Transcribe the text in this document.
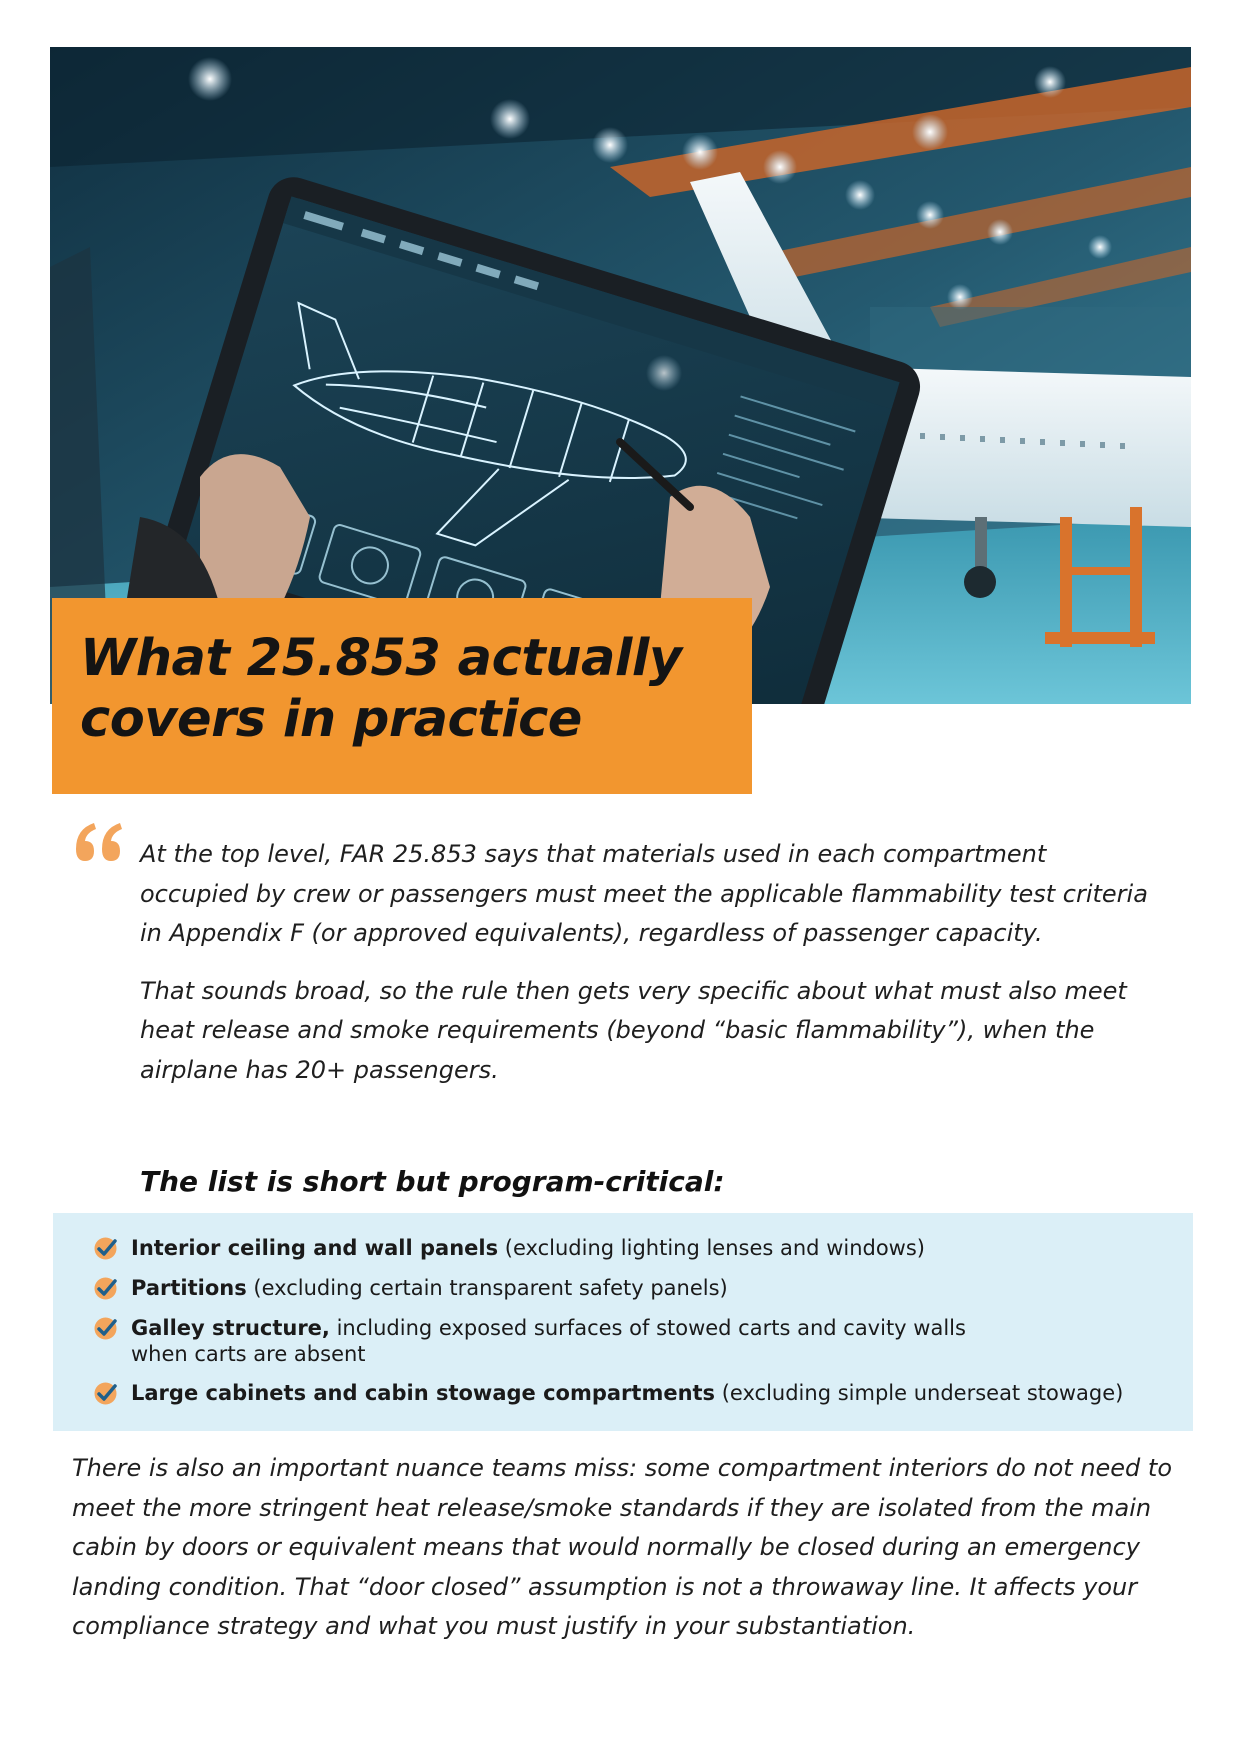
What 25.853 actually
covers in practice

At the top level, FAR 25.853 says that materials used in each compartment occupied by crew or passengers must meet the applicable flammability test criteria in Appendix F (or approved equivalents), regardless of passenger capacity.

That sounds broad, so the rule then gets very specific about what must also meet heat release and smoke requirements (beyond “basic flammability”), when the airplane has 20+ passengers.

The list is short but program-critical:
Interior ceiling and wall panels (excluding lighting lenses and windows)
Partitions (excluding certain transparent safety panels)
Galley structure, including exposed surfaces of stowed carts and cavity walls
when carts are absent
Large cabinets and cabin stowage compartments (excluding simple underseat stowage)
There is also an important nuance teams miss: some compartment interiors do not need to meet the more stringent heat release/smoke standards if they are isolated from the main cabin by doors or equivalent means that would normally be closed during an emergency landing condition. That “door closed” assumption is not a throwaway line. It affects your compliance strategy and what you must justify in your substantiation.
